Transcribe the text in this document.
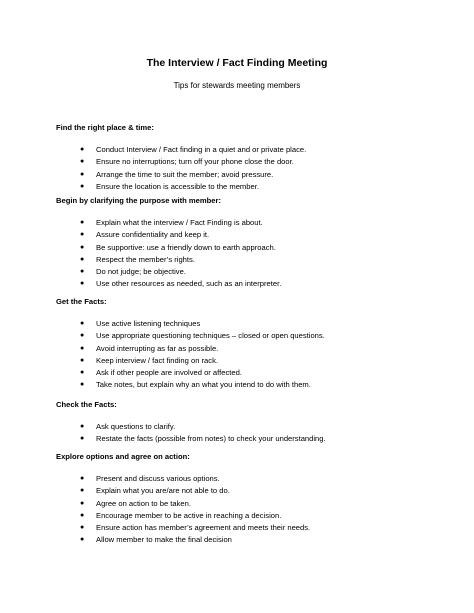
The Interview / Fact Finding Meeting

Tips for stewards meeting members

Find the right place & time:
● Conduct Interview / Fact finding in a quiet and or private place.
● Ensure no interruptions; turn off your phone close the door.
● Arrange the time to suit the member; avoid pressure.
● Ensure the location is accessible to the member.
Begin by clarifying the purpose with member:
● Explain what the interview / Fact Finding is about.
● Assure confidentiality and keep it.
● Be supportive: use a friendly down to earth approach.
● Respect the member’s rights.
● Do not judge; be objective.
● Use other resources as needed, such as an interpreter.
Get the Facts:
● Use active listening techniques
● Use appropriate questioning techniques – closed or open questions.
● Avoid interrupting as far as possible.
● Keep interview / fact finding on rack.
● Ask if other people are involved or affected.
● Take notes, but explain why an what you intend to do with them.
Check the Facts:
● Ask questions to clarify.
● Restate the facts (possible from notes) to check your understanding.
Explore options and agree on action:
● Present and discuss various options.
● Explain what you are/are not able to do.
● Agree on action to be taken.
● Encourage member to be active in reaching a decision.
● Ensure action has member’s agreement and meets their needs.
● Allow member to make the final decision
